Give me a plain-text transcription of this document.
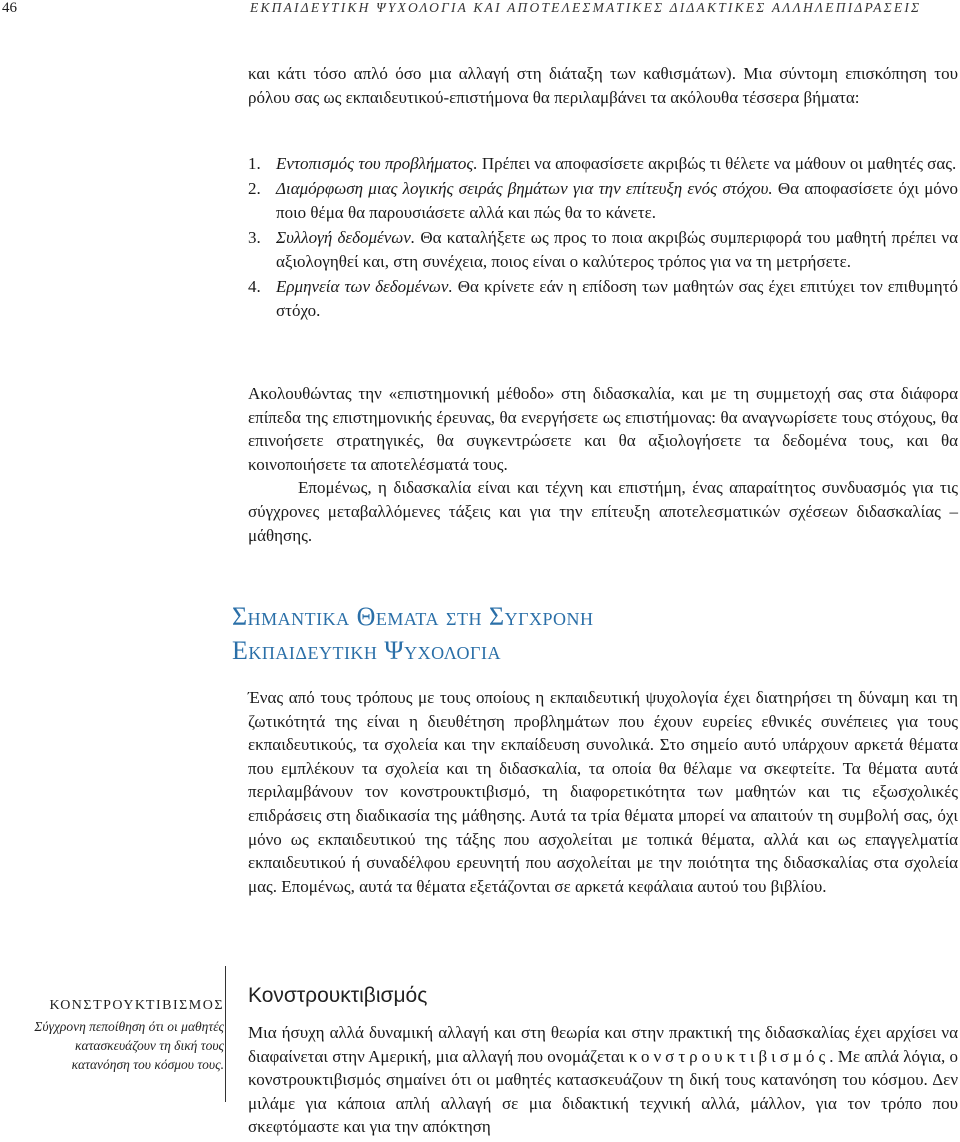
46	ΕΚΠΑΙΔΕΥΤΙΚΗ ΨΥΧΟΛΟΓΙΑ ΚΑΙ ΑΠΟΤΕΛΕΣΜΑΤΙΚΕΣ ΔΙΔΑΚΤΙΚΕΣ ΑΛΛΗΛΕΠΙΔΡΑΣΕΙΣ

και κάτι τόσο απλό όσο μια αλλαγή στη διάταξη των καθισμάτων). Μια σύντομη επισκόπηση του ρόλου σας ως εκπαιδευτικού-επιστήμονα θα περιλαμβάνει τα ακόλουθα τέσσερα βήματα:

1. Εντοπισμός του προβλήματος. Πρέπει να αποφασίσετε ακριβώς τι θέλετε να μάθουν οι μαθητές σας.
2. Διαμόρφωση μιας λογικής σειράς βημάτων για την επίτευξη ενός στόχου. Θα αποφασίσετε όχι μόνο ποιο θέμα θα παρουσιάσετε αλλά και πώς θα το κάνετε.
3. Συλλογή δεδομένων. Θα καταλήξετε ως προς το ποια ακριβώς συμπεριφορά του μαθητή πρέπει να αξιολογηθεί και, στη συνέχεια, ποιος είναι ο καλύτερος τρόπος για να τη μετρήσετε.
4. Ερμηνεία των δεδομένων. Θα κρίνετε εάν η επίδοση των μαθητών σας έχει επιτύχει τον επιθυμητό στόχο.

Ακολουθώντας την «επιστημονική μέθοδο» στη διδασκαλία, και με τη συμμετοχή σας στα διάφορα επίπεδα της επιστημονικής έρευνας, θα ενεργήσετε ως επιστήμονας: θα αναγνωρίσετε τους στόχους, θα επινοήσετε στρατηγικές, θα συγκεντρώσετε και θα αξιολογήσετε τα δεδομένα τους, και θα κοινοποιήσετε τα αποτελέσματά τους.

Επομένως, η διδασκαλία είναι και τέχνη και επιστήμη, ένας απαραίτητος συνδυασμός για τις σύγχρονες μεταβαλλόμενες τάξεις και για την επίτευξη αποτελεσματικών σχέσεων διδασκαλίας – μάθησης.

Σημαντικα Θεματα στη Συγχρονη
Εκπαιδευτικη Ψυχολογια

Ένας από τους τρόπους με τους οποίους η εκπαιδευτική ψυχολογία έχει διατηρήσει τη δύναμη και τη ζωτικότητά της είναι η διευθέτηση προβλημάτων που έχουν ευρείες εθνικές συνέπειες για τους εκπαιδευτικούς, τα σχολεία και την εκπαίδευση συνολικά. Στο σημείο αυτό υπάρχουν αρκετά θέματα που εμπλέκουν τα σχολεία και τη διδασκαλία, τα οποία θα θέλαμε να σκεφτείτε. Τα θέματα αυτά περιλαμβάνουν τον κονστρουκτιβισμό, τη διαφορετικότητα των μαθητών και τις εξωσχολικές επιδράσεις στη διαδικασία της μάθησης. Αυτά τα τρία θέματα μπορεί να απαιτούν τη συμβολή σας, όχι μόνο ως εκπαιδευτικού της τάξης που ασχολείται με τοπικά θέματα, αλλά και ως επαγγελματία εκπαιδευτικού ή συναδέλφου ερευνητή που ασχολείται με την ποιότητα της διδασκαλίας στα σχολεία μας. Επομένως, αυτά τα θέματα εξετάζονται σε αρκετά κεφάλαια αυτού του βιβλίου.

Κονστρουκτιβισμός

Μια ήσυχη αλλά δυναμική αλλαγή και στη θεωρία και στην πρακτική της διδασκαλίας έχει αρχίσει να διαφαίνεται στην Αμερική, μια αλλαγή που ονομάζεται κονστρουκτιβισμός. Με απλά λόγια, ο κονστρουκτιβισμός σημαίνει ότι οι μαθητές κατασκευάζουν τη δική τους κατανόηση του κόσμου. Δεν μιλάμε για κάποια απλή αλλαγή σε μια διδακτική τεχνική αλλά, μάλλον, για τον τρόπο που σκεφτόμαστε και για την απόκτηση

ΚΟΝΣΤΡΟΥΚΤΙΒΙΣΜΟΣ
Σύγχρονη πεποίθηση ότι οι μαθητές κατασκευάζουν τη δική τους κατανόηση του κόσμου τους.
